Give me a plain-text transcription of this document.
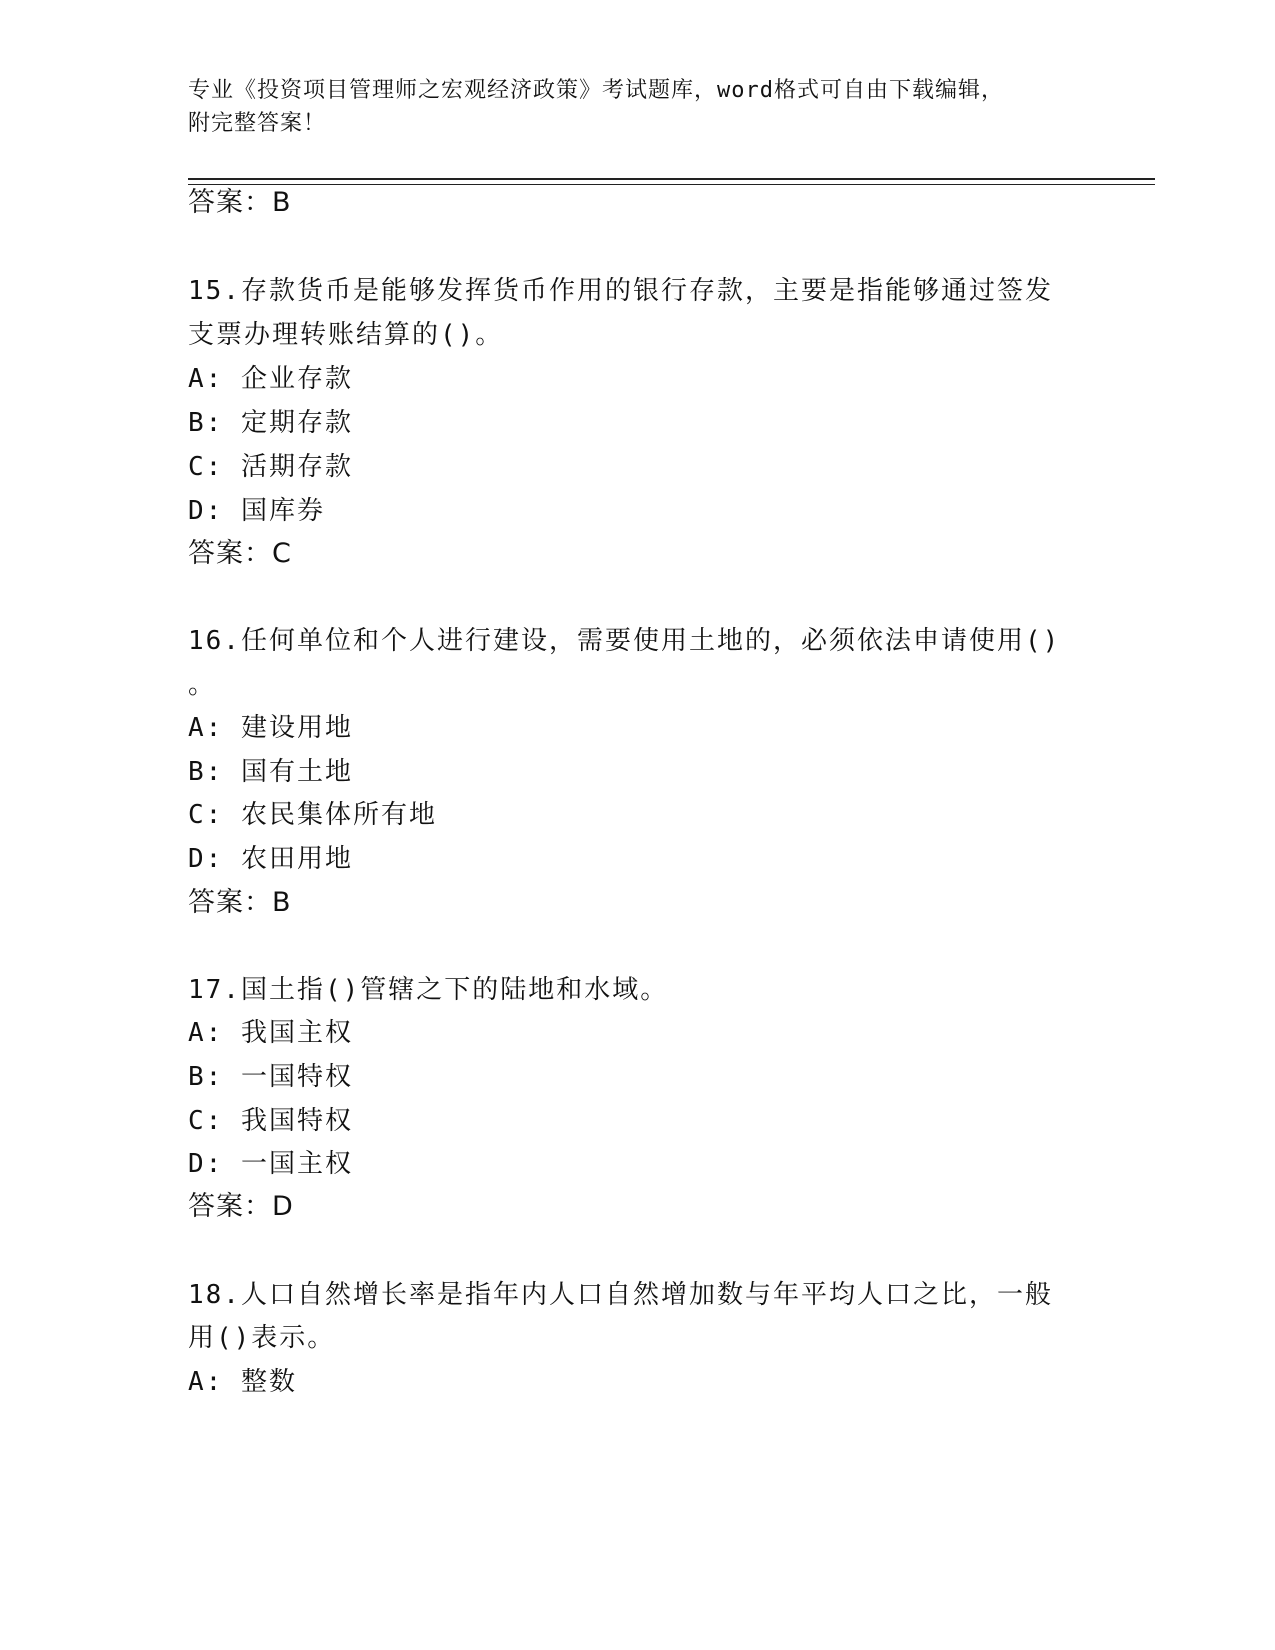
专业《投资项目管理师之宏观经济政策》考试题库，word格式可自由下载编辑，
附完整答案！
答案：B
15.存款货币是能够发挥货币作用的银行存款，主要是指能够通过签发
支票办理转账结算的()。
A: 企业存款
B: 定期存款
C: 活期存款
D: 国库券
答案：C
16.任何单位和个人进行建设，需要使用土地的，必须依法申请使用()
。
A: 建设用地
B: 国有土地
C: 农民集体所有地
D: 农田用地
答案：B
17.国土指()管辖之下的陆地和水域。
A: 我国主权
B: 一国特权
C: 我国特权
D: 一国主权
答案：D
18.人口自然增长率是指年内人口自然增加数与年平均人口之比，一般
用()表示。
A: 整数
